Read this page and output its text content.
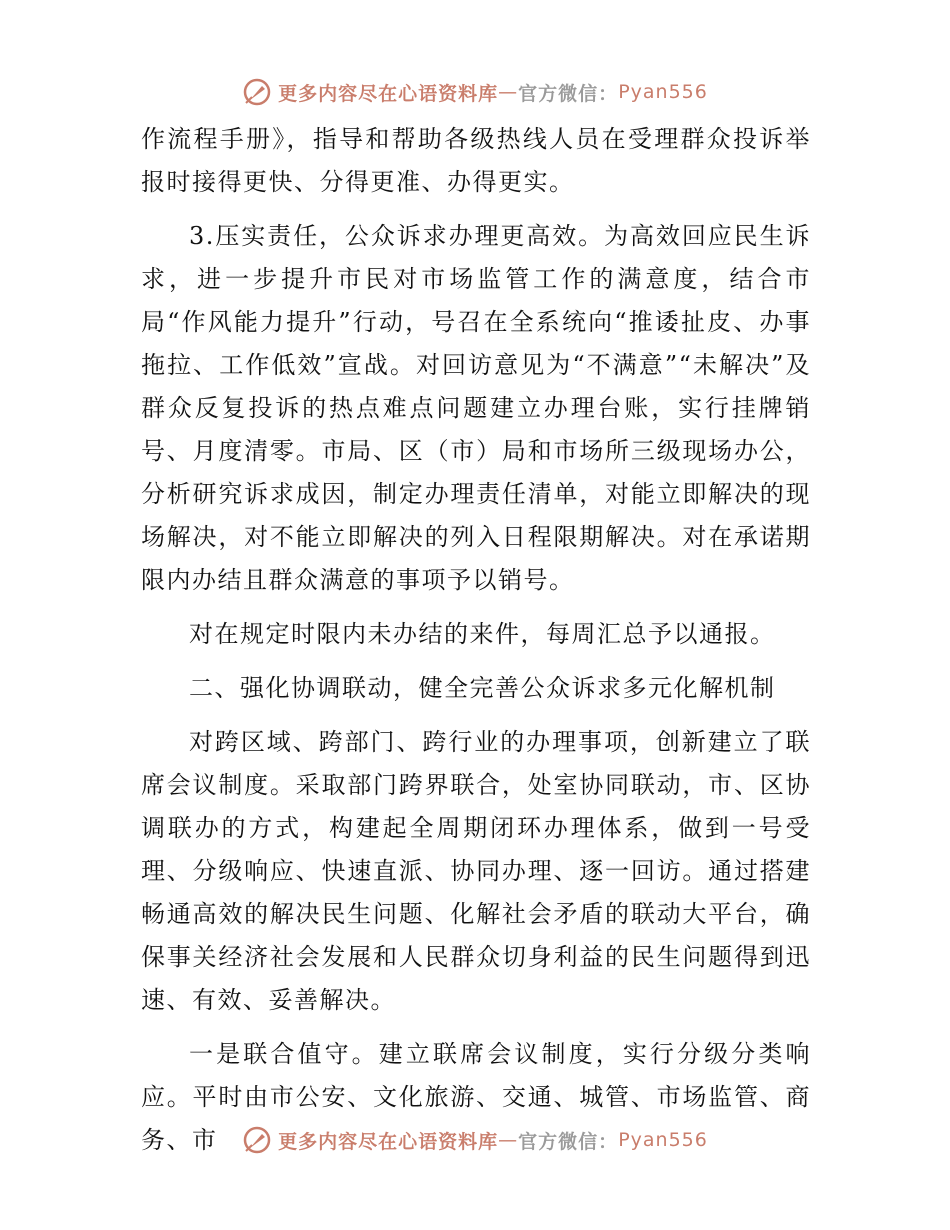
更多内容尽在心语资料库 — 官方微信： Pyan556

作流程手册》，指导和帮助各级热线人员在受理群众投诉举报时接得更快、分得更准、办得更实。

3.压实责任，公众诉求办理更高效。为高效回应民生诉求，进一步提升市民对市场监管工作的满意度，结合市局“作风能力提升”行动，号召在全系统向“推诿扯皮、办事拖拉、工作低效”宣战。对回访意见为“不满意”“未解决”及群众反复投诉的热点难点问题建立办理台账，实行挂牌销号、月度清零。市局、区（市）局和市场所三级现场办公，分析研究诉求成因，制定办理责任清单，对能立即解决的现场解决，对不能立即解决的列入日程限期解决。对在承诺期限内办结且群众满意的事项予以销号。

对在规定时限内未办结的来件，每周汇总予以通报。

二、强化协调联动，健全完善公众诉求多元化解机制

对跨区域、跨部门、跨行业的办理事项，创新建立了联席会议制度。采取部门跨界联合，处室协同联动，市、区协调联办的方式，构建起全周期闭环办理体系，做到一号受理、分级响应、快速直派、协同办理、逐一回访。通过搭建畅通高效的解决民生问题、化解社会矛盾的联动大平台，确保事关经济社会发展和人民群众切身利益的民生问题得到迅速、有效、妥善解决。

一是联合值守。建立联席会议制度，实行分级分类响应。平时由市公安、文化旅游、交通、城管、市场监管、商务、市	更多内容尽在心语资料库 — 官方微信： Pyan556
